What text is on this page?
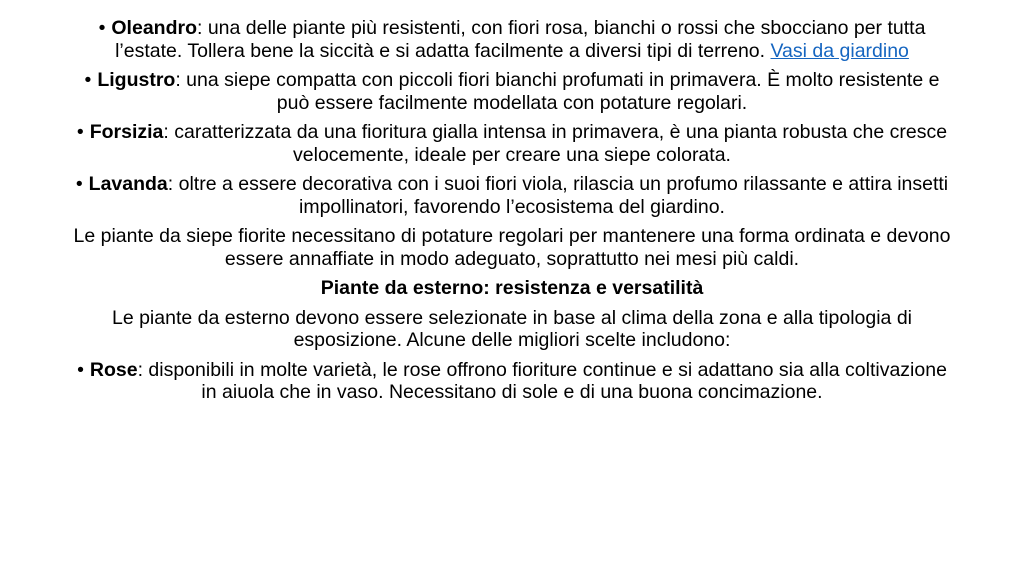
• Oleandro: una delle piante più resistenti, con fiori rosa, bianchi o rossi che sbocciano per tutta l’estate. Tollera bene la siccità e si adatta facilmente a diversi tipi di terreno. Vasi da giardino
• Ligustro: una siepe compatta con piccoli fiori bianchi profumati in primavera. È molto resistente e può essere facilmente modellata con potature regolari.
• Forsizia: caratterizzata da una fioritura gialla intensa in primavera, è una pianta robusta che cresce velocemente, ideale per creare una siepe colorata.
• Lavanda: oltre a essere decorativa con i suoi fiori viola, rilascia un profumo rilassante e attira insetti impollinatori, favorendo l’ecosistema del giardino.

Le piante da siepe fiorite necessitano di potature regolari per mantenere una forma ordinata e devono essere annaffiate in modo adeguato, soprattutto nei mesi più caldi.

Piante da esterno: resistenza e versatilità

Le piante da esterno devono essere selezionate in base al clima della zona e alla tipologia di esposizione. Alcune delle migliori scelte includono:

• Rose: disponibili in molte varietà, le rose offrono fioriture continue e si adattano sia alla coltivazione in aiuola che in vaso. Necessitano di sole e di una buona concimazione.
